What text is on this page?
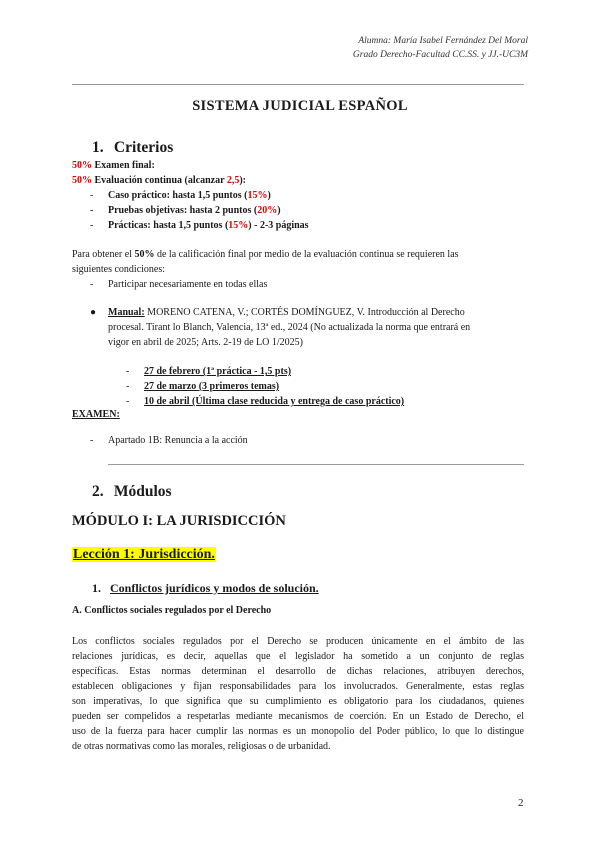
Alumna: María Isabel Fernández Del Moral
Grado Derecho-Facultad CC.SS. y JJ.-UC3M
SISTEMA JUDICIAL ESPAÑOL
1. Criterios
50% Examen final:
50% Evaluación continua (alcanzar 2,5):
- Caso práctico: hasta 1,5 puntos (15%)
- Pruebas objetivas: hasta 2 puntos (20%)
- Prácticas: hasta 1,5 puntos (15%) - 2-3 páginas
Para obtener el 50% de la calificación final por medio de la evaluación continua se requieren las
siguientes condiciones:
- Participar necesariamente en todas ellas
● Manual: MORENO CATENA, V.; CORTÉS DOMÍNGUEZ, V. Introducción al Derecho
procesal. Tirant lo Blanch, Valencia, 13ª ed., 2024 (No actualizada la norma que entrará en
vigor en abril de 2025; Arts. 2-19 de LO 1/2025)
- 27 de febrero (1ª práctica - 1,5 pts)
- 27 de marzo (3 primeros temas)
- 10 de abril (Última clase reducida y entrega de caso práctico)
EXAMEN:
- Apartado 1B: Renuncia a la acción
2. Módulos
MÓDULO I: LA JURISDICCIÓN
Lección 1: Jurisdicción.
1. Conflictos jurídicos y modos de solución.
A. Conflictos sociales regulados por el Derecho
Los conflictos sociales regulados por el Derecho se producen únicamente en el ámbito de las
relaciones jurídicas, es decir, aquellas que el legislador ha sometido a un conjunto de reglas
específicas. Estas normas determinan el desarrollo de dichas relaciones, atribuyen derechos,
establecen obligaciones y fijan responsabilidades para los involucrados. Generalmente, estas reglas
son imperativas, lo que significa que su cumplimiento es obligatorio para los ciudadanos, quienes
pueden ser compelidos a respetarlas mediante mecanismos de coerción. En un Estado de Derecho, el
uso de la fuerza para hacer cumplir las normas es un monopolio del Poder público, lo que lo distingue
de otras normativas como las morales, religiosas o de urbanidad.
2
